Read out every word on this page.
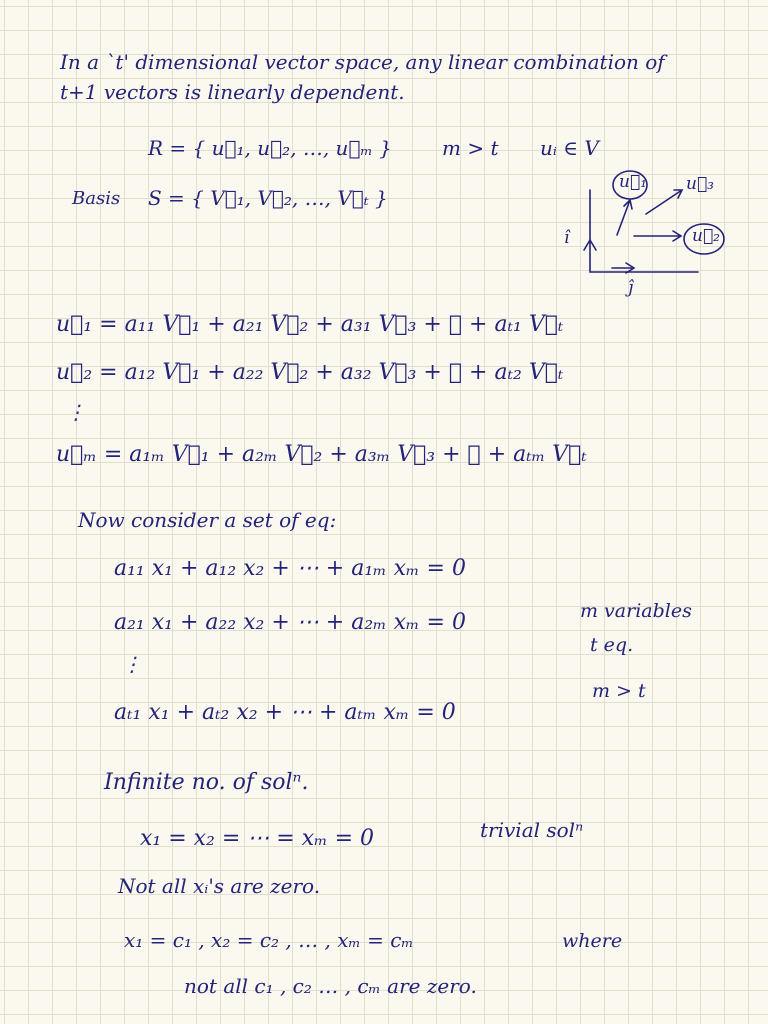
In a `t' dimensional vector space, any linear combination of
t+1 vectors is linearly dependent.
R = { u⃗₁, u⃗₂, …, u⃗ₘ }	m > t uᵢ ∈ V
Basis S = { V⃗₁, V⃗₂, …, V⃗ₜ }
u⃗₁
u⃗₂
u⃗₃
î
ĵ
u⃗₁ = a₁₁ V⃗₁ + a₂₁ V⃗₂ + a₃₁ V⃗₃ + ⋯ + aₜ₁ V⃗ₜ
u⃗₂ = a₁₂ V⃗₁ + a₂₂ V⃗₂ + a₃₂ V⃗₃ + ⋯ + aₜ₂ V⃗ₜ
⋮
u⃗ₘ = a₁ₘ V⃗₁ + a₂ₘ V⃗₂ + a₃ₘ V⃗₃ + ⋯ + aₜₘ V⃗ₜ
Now consider a set of eq:
a₁₁ x₁ + a₁₂ x₂ + ⋯ + a₁ₘ xₘ = 0
a₂₁ x₁ + a₂₂ x₂ + ⋯ + a₂ₘ xₘ = 0
⋮
aₜ₁ x₁ + aₜ₂ x₂ + ⋯ + aₜₘ xₘ = 0
m variables
t eq.
m > t
Infinite no. of solⁿ.
x₁ = x₂ = ⋯ = xₘ = 0	trivial solⁿ
Not all xᵢ's are zero.
x₁ = c₁ , x₂ = c₂ , … , xₘ = cₘ	where
not all c₁ , c₂ … , cₘ are zero.
